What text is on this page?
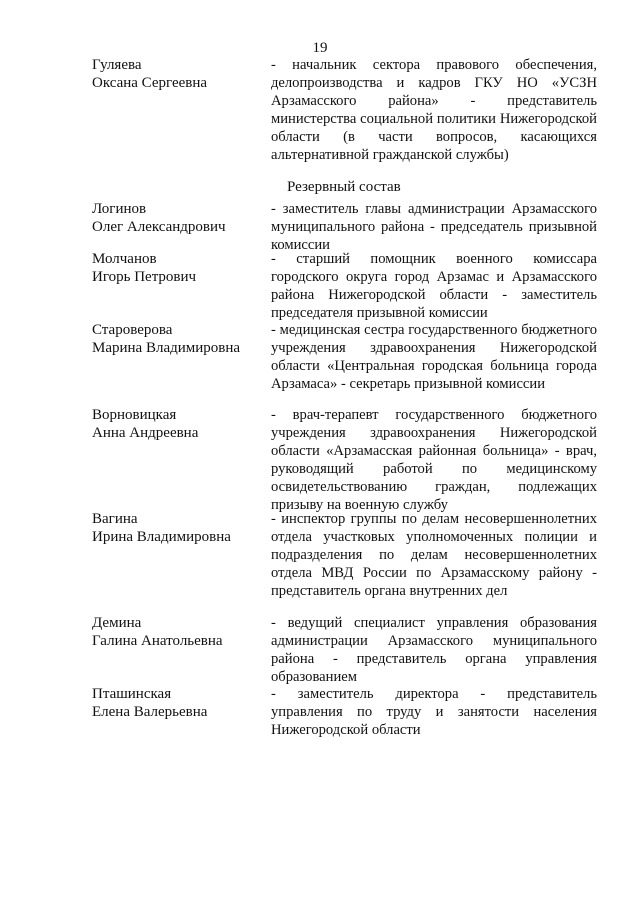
19
Гуляева
Оксана Сергеевна
- начальник сектора правового обеспечения, делопроизводства и кадров ГКУ НО «УСЗН Арзамасского района» - представитель министерства социальной политики Нижегородской области (в части вопросов, касающихся альтернативной гражданской службы)
Резервный состав
Логинов
Олег Александрович
- заместитель главы администрации Арзамасского муниципального района - председатель призывной комиссии
Молчанов
Игорь Петрович
- старший помощник военного комиссара городского округа город Арзамас и Арзамасского района Нижегородской области - заместитель председателя призывной комиссии
Староверова
Марина Владимировна
- медицинская сестра государственного бюджетного учреждения здравоохранения Нижегородской области «Центральная городская больница города Арзамаса» - секретарь призывной комиссии
Ворновицкая
Анна Андреевна
- врач-терапевт государственного бюджетного учреждения здравоохранения Нижегородской области «Арзамасская районная больница» - врач, руководящий работой по медицинскому освидетельствованию граждан, подлежащих призыву на военную службу
Вагина
Ирина Владимировна
- инспектор группы по делам несовершеннолетних отдела участковых уполномоченных полиции и подразделения по делам несовершеннолетних отдела МВД России по Арзамасскому району - представитель органа внутренних дел
Демина
Галина Анатольевна
- ведущий специалист управления образования администрации Арзамасского муниципального района - представитель органа управления образованием
Пташинская
Елена Валерьевна
- заместитель директора - представитель управления по труду и занятости населения Нижегородской области
